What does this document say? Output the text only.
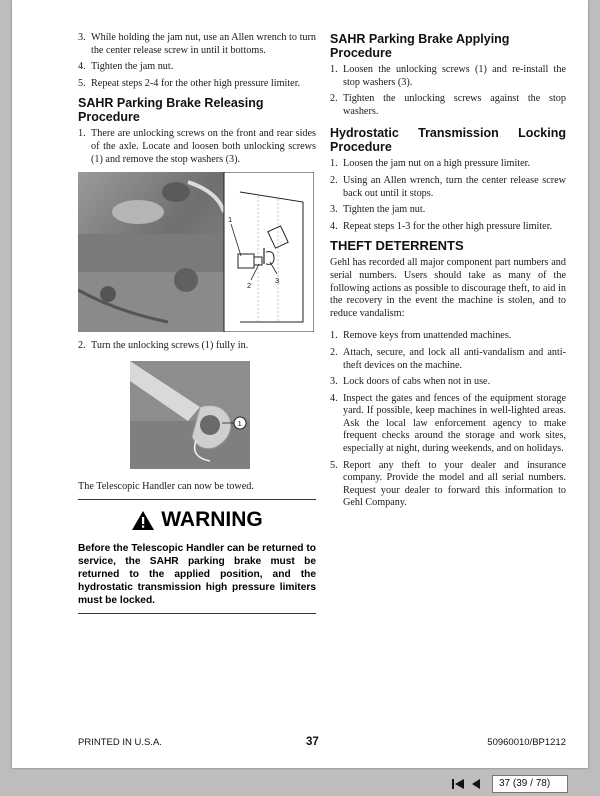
3. While holding the jam nut, use an Allen wrench to turn the center release screw in until it bottoms.
4. Tighten the jam nut.
5. Repeat steps 2-4 for the other high pressure limiter.
SAHR Parking Brake Releasing Procedure
1. There are unlocking screws on the front and rear sides of the axle. Locate and loosen both unlocking screws (1) and remove the stop washers (3).
1
2
3
2. Turn the unlocking screws (1) fully in.
1
The Telescopic Handler can now be towed.
WARNING
Before the Telescopic Handler can be returned to service, the SAHR parking brake must be returned to the applied position, and the hydrostatic transmission high pressure limiters must be locked.
SAHR Parking Brake Applying Procedure
1. Loosen the unlocking screws (1) and re-install the stop washers (3).
2. Tighten the unlocking screws against the stop washers.
Hydrostatic Transmission Locking
Procedure
1. Loosen the jam nut on a high pressure limiter.
2. Using an Allen wrench, turn the center release screw back out until it stops.
3. Tighten the jam nut.
4. Repeat steps 1-3 for the other high pressure limiter.
THEFT DETERRENTS
Gehl has recorded all major component part numbers and serial numbers. Users should take as many of the following actions as possible to discourage theft, to aid in the recovery in the event the machine is stolen, and to reduce vandalism:
1. Remove keys from unattended machines.
2. Attach, secure, and lock all anti-vandalism and anti-theft devices on the machine.
3. Lock doors of cabs when not in use.
4. Inspect the gates and fences of the equipment storage yard. If possible, keep machines in well-lighted areas. Ask the local law enforcement agency to make frequent checks around the storage and work sites, especially at night, during weekends, and on holidays.
5. Report any theft to your dealer and insurance company. Provide the model and all serial numbers. Request your dealer to forward this information to Gehl Company.
PRINTED IN U.S.A.	37	50960010/BP1212
37 (39 / 78)
